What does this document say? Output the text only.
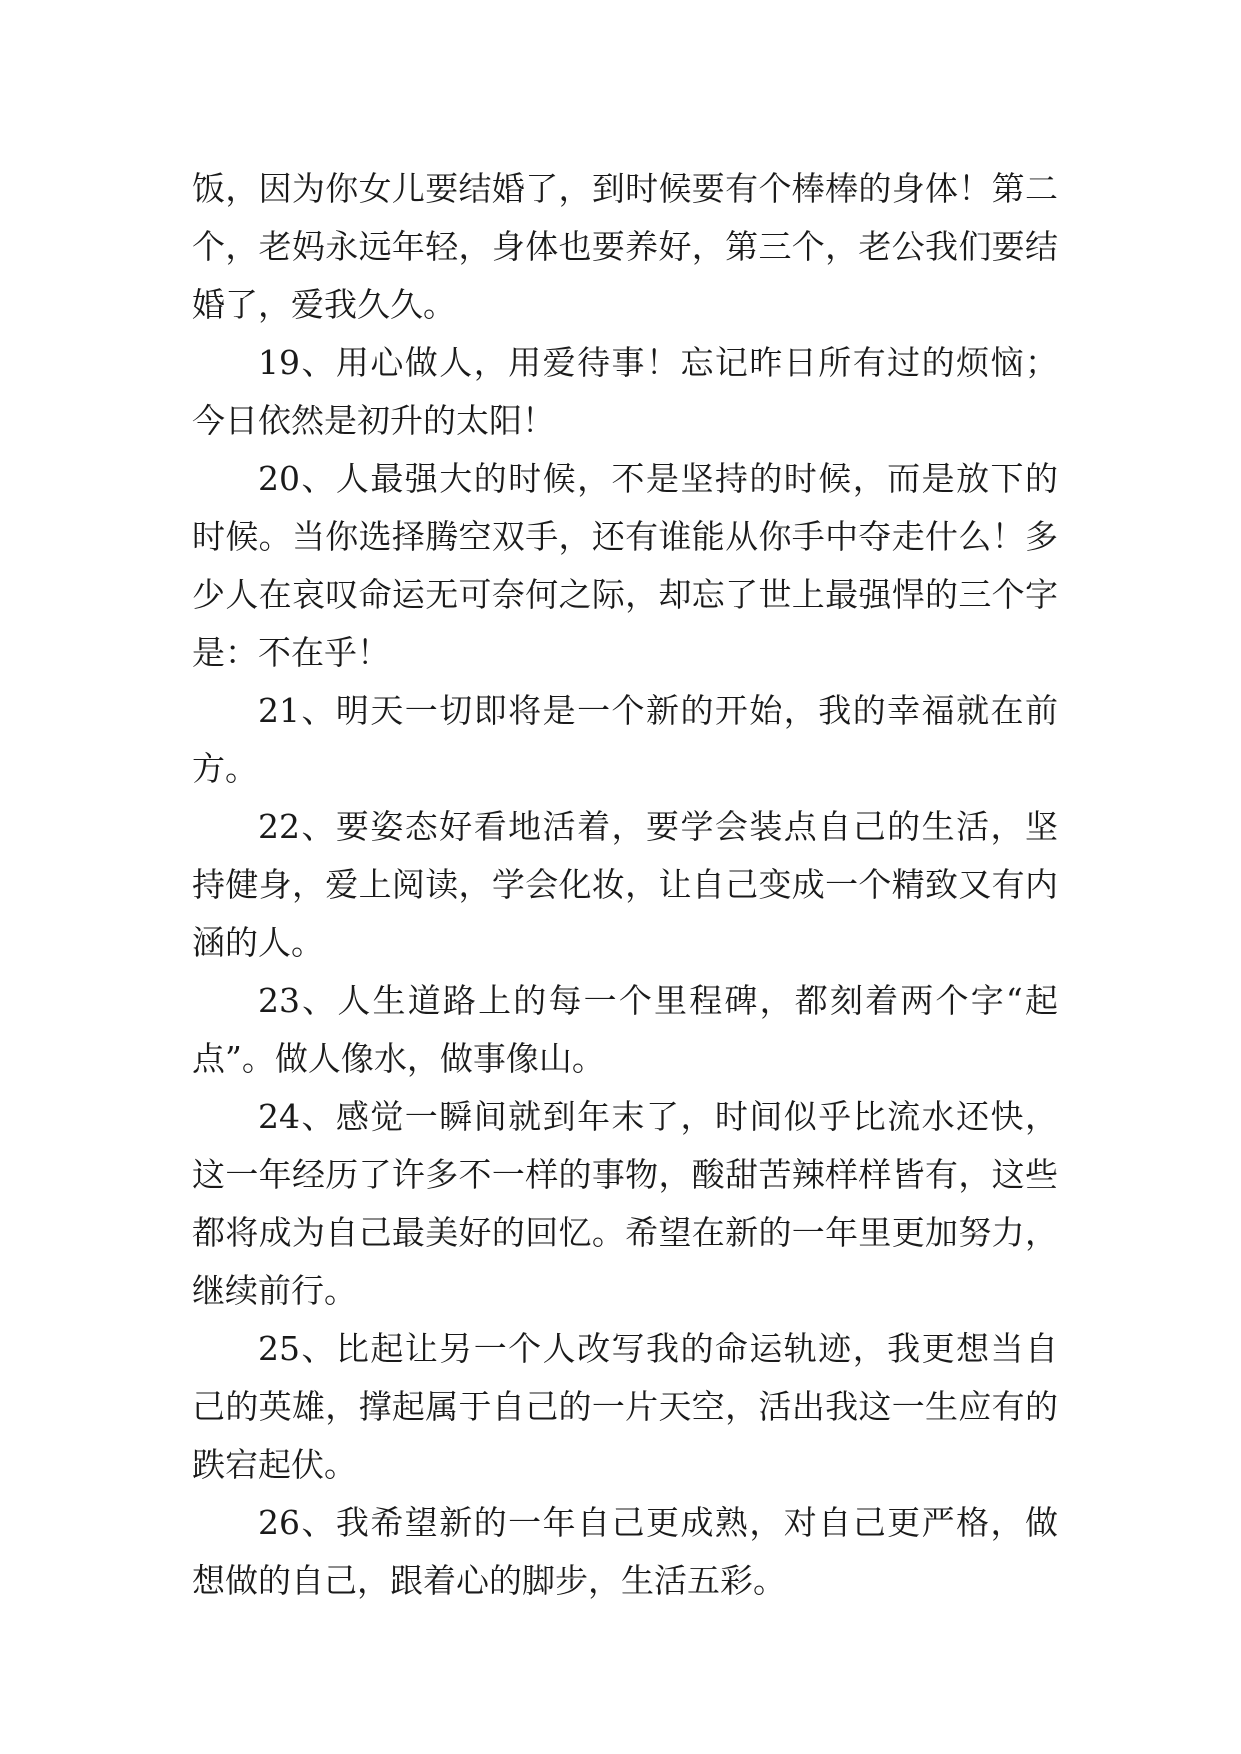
饭，因为你女儿要结婚了，到时候要有个棒棒的身体！第二个，老妈永远年轻，身体也要养好，第三个，老公我们要结婚了，爱我久久。

19、用心做人，用爱待事！忘记昨日所有过的烦恼；今日依然是初升的太阳！

20、人最强大的时候，不是坚持的时候，而是放下的时候。当你选择腾空双手，还有谁能从你手中夺走什么！多少人在哀叹命运无可奈何之际，却忘了世上最强悍的三个字是：不在乎！

21、明天一切即将是一个新的开始，我的幸福就在前方。

22、要姿态好看地活着，要学会装点自己的生活，坚持健身，爱上阅读，学会化妆，让自己变成一个精致又有内涵的人。

23、人生道路上的每一个里程碑，都刻着两个字“起点”。做人像水，做事像山。

24、感觉一瞬间就到年末了，时间似乎比流水还快，这一年经历了许多不一样的事物，酸甜苦辣样样皆有，这些都将成为自己最美好的回忆。希望在新的一年里更加努力，继续前行。

25、比起让另一个人改写我的命运轨迹，我更想当自己的英雄，撑起属于自己的一片天空，活出我这一生应有的跌宕起伏。

26、我希望新的一年自己更成熟，对自己更严格，做想做的自己，跟着心的脚步，生活五彩。
